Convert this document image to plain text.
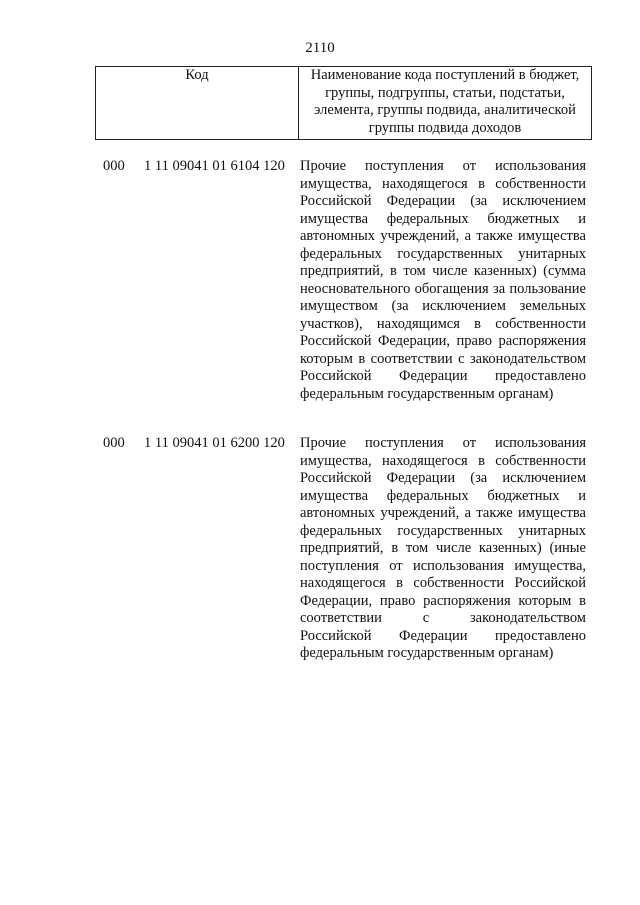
2110
Код	Наименование кода поступлений в бюджет, группы, подгруппы, статьи, подстатьи, элемента, группы подвида, аналитической группы подвида доходов
000 1 11 09041 01 6104 120 Прочие поступления от использования имущества, находящегося в собственности Российской Федерации (за исключением имущества федеральных бюджетных и автономных учреждений, а также имущества федеральных государственных унитарных предприятий, в том числе казенных) (сумма неосновательного обогащения за пользование имуществом (за исключением земельных участков), находящимся в собственности Российской Федерации, право распоряжения которым в соответствии с законодательством Российской Федерации предоставлено федеральным государственным органам)
000 1 11 09041 01 6200 120 Прочие поступления от использования имущества, находящегося в собственности Российской Федерации (за исключением имущества федеральных бюджетных и автономных учреждений, а также имущества федеральных государственных унитарных предприятий, в том числе казенных) (иные поступления от использования имущества, находящегося в собственности Российской Федерации, право распоряжения которым в соответствии с законодательством Российской Федерации предоставлено федеральным государственным органам)
